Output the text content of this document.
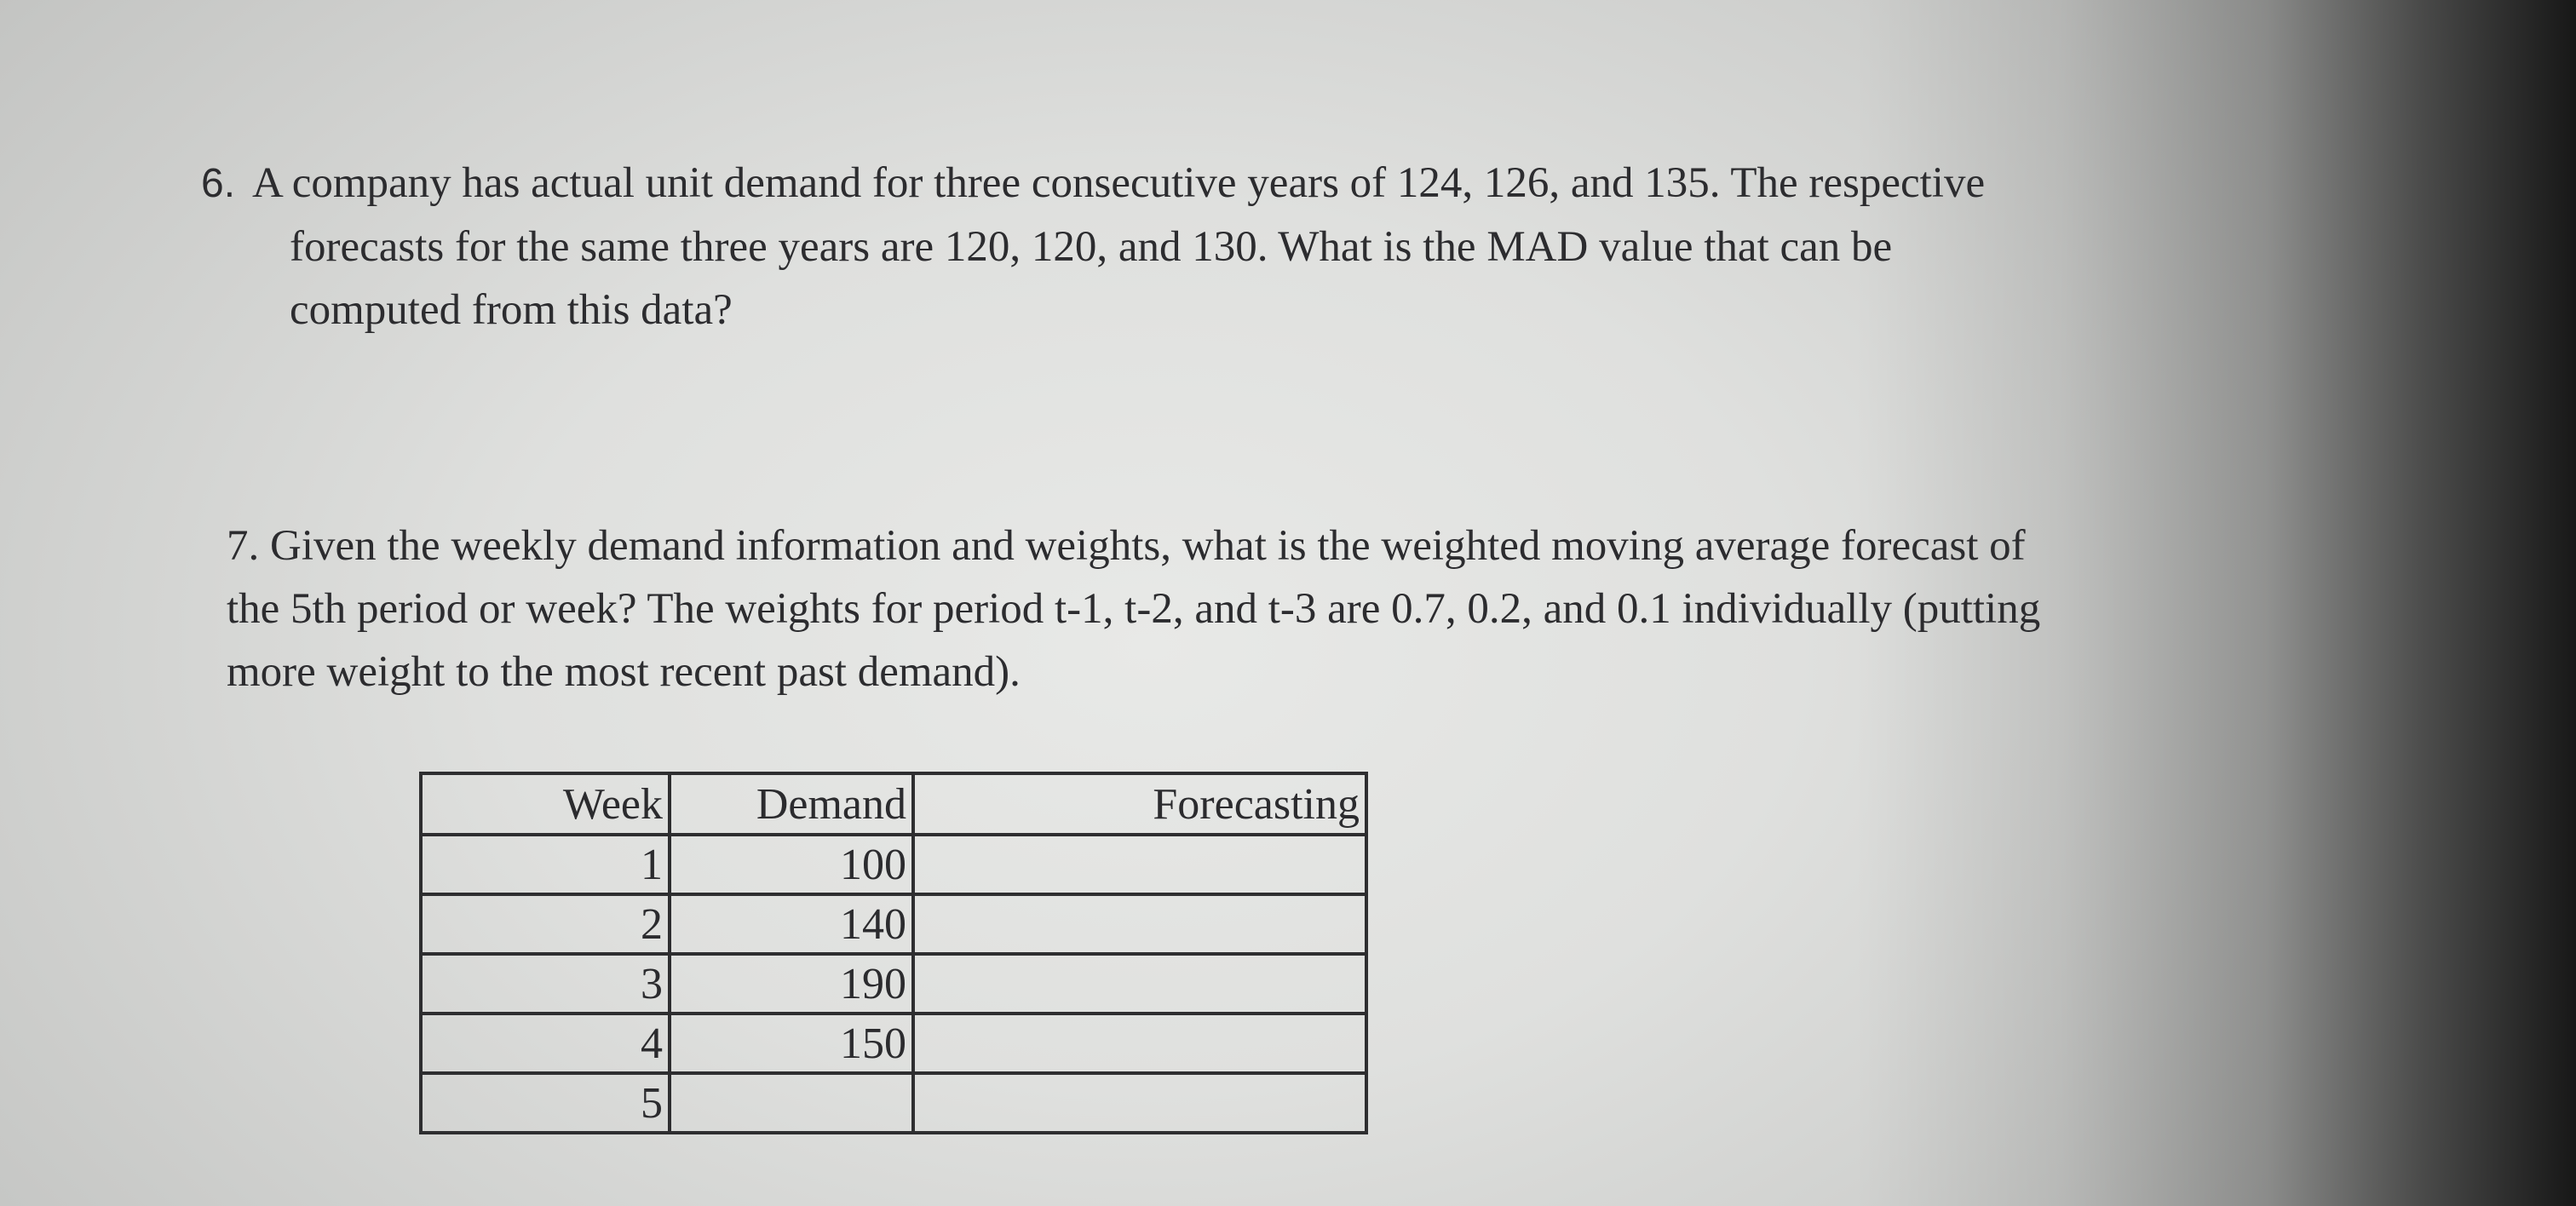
6. A company has actual unit demand for three consecutive years of 124, 126, and 135. The respective
forecasts for the same three years are 120, 120, and 130. What is the MAD value that can be
computed from this data?
7. Given the weekly demand information and weights, what is the weighted moving average forecast of
the 5th period or week? The weights for period t-1, t-2, and t-3 are 0.7, 0.2, and 0.1 individually (putting
more weight to the most recent past demand).
Week	Demand	Forecasting
1	100	
2	140	
3	190	
4	150	
5		
